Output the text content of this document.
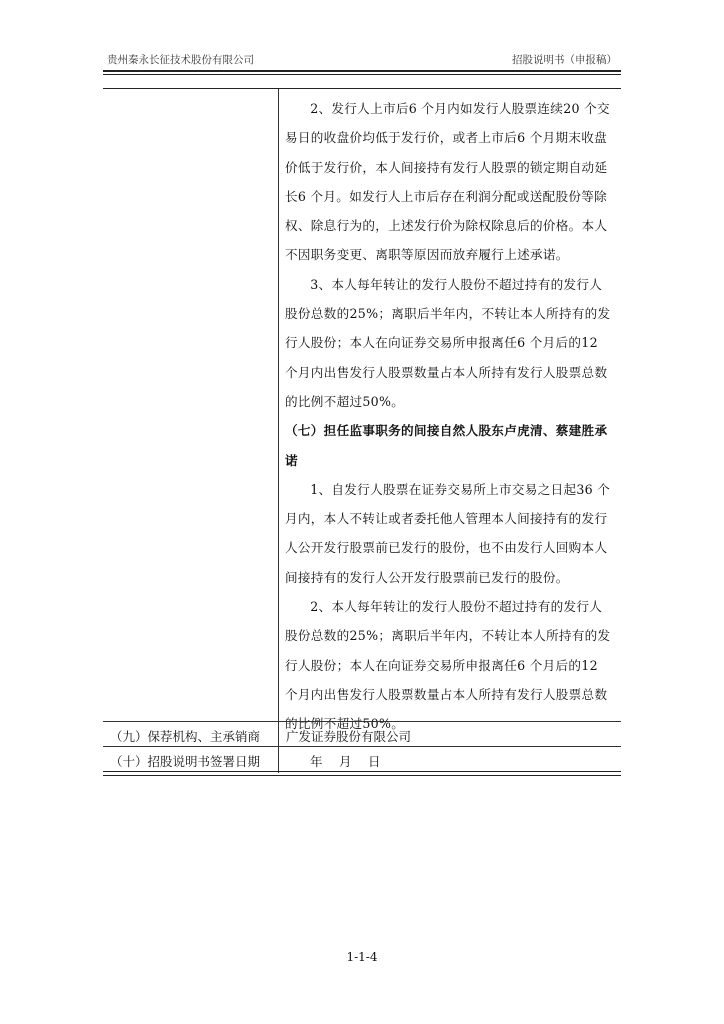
贵州秦永长征技术股份有限公司	招股说明书（申报稿）

2、发行人上市后6 个月内如发行人股票连续20 个交易日的收盘价均低于发行价，或者上市后6 个月期末收盘价低于发行价，本人间接持有发行人股票的锁定期自动延长6 个月。如发行人上市后存在利润分配或送配股份等除权、除息行为的，上述发行价为除权除息后的价格。本人不因职务变更、离职等原因而放弃履行上述承诺。

3、本人每年转让的发行人股份不超过持有的发行人股份总数的25%；离职后半年内，不转让本人所持有的发行人股份；本人在向证券交易所申报离任6 个月后的12 个月内出售发行人股票数量占本人所持有发行人股票总数的比例不超过50%。

（七）担任监事职务的间接自然人股东卢虎清、蔡建胜承诺

1、自发行人股票在证券交易所上市交易之日起36 个月内，本人不转让或者委托他人管理本人间接持有的发行人公开发行股票前已发行的股份，也不由发行人回购本人间接持有的发行人公开发行股票前已发行的股份。

2、本人每年转让的发行人股份不超过持有的发行人股份总数的25%；离职后半年内，不转让本人所持有的发行人股份；本人在向证券交易所申报离任6 个月后的12 个月内出售发行人股票数量占本人所持有发行人股票总数的比例不超过50%。

（九）保荐机构、主承销商 广发证券股份有限公司
（十）招股说明书签署日期	年　月　日
1-1-4
